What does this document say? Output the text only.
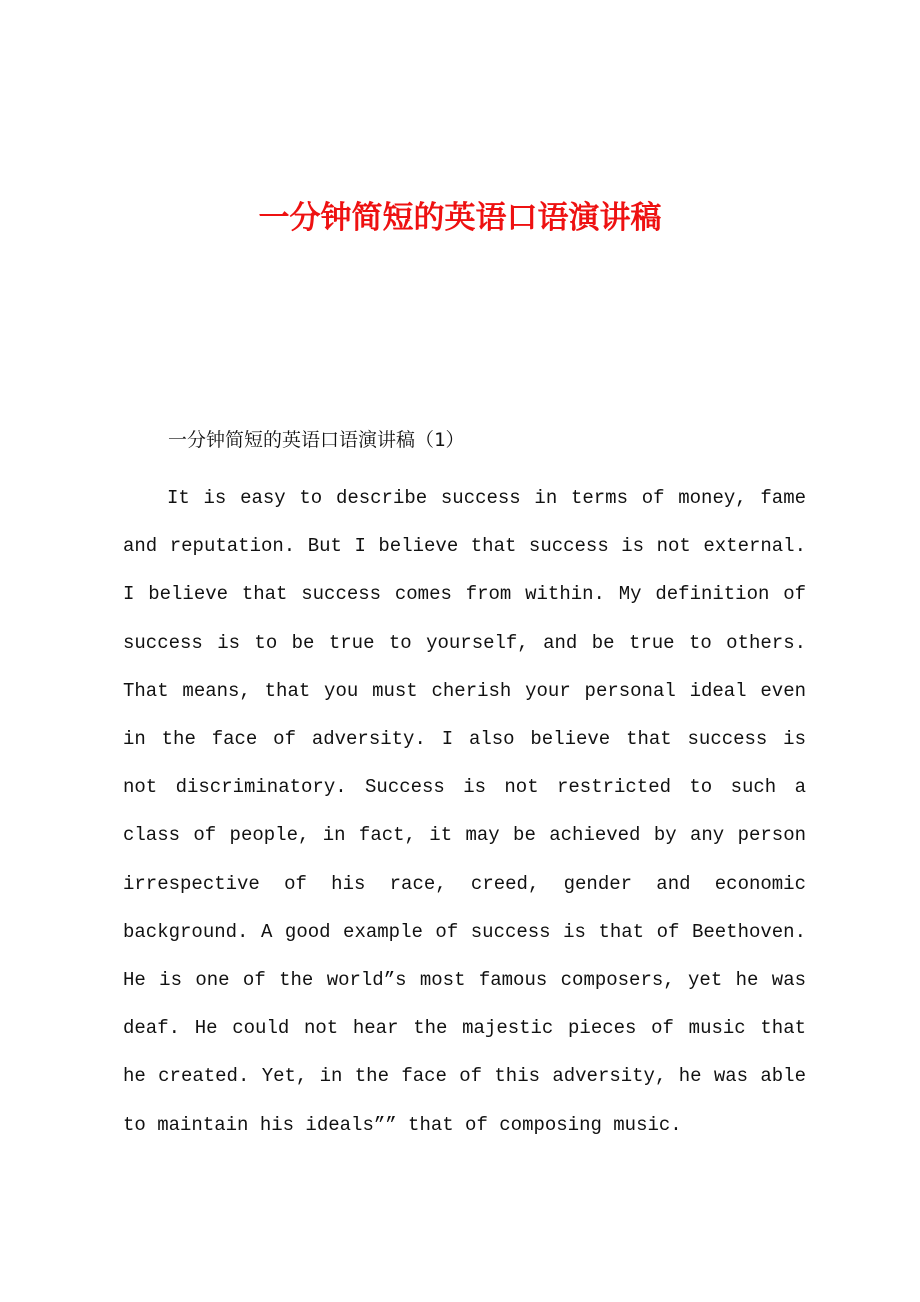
一分钟简短的英语口语演讲稿

一分钟简短的英语口语演讲稿（1）

It is easy to describe success in terms of money, fame and reputation. But I believe that success is not external. I believe that success comes from within. My definition of success is to be true to yourself, and be true to others. That means, that you must cherish your personal ideal even in the face of adversity. I also believe that success is not discriminatory. Success is not restricted to such a class of people, in fact, it may be achieved by any person irrespective of his race, creed, gender and economic background. A good example of success is that of Beethoven. He is one of the world”s most famous composers, yet he was deaf. He could not hear the majestic pieces of music that he created. Yet, in the face of this adversity, he was able to maintain his ideals”” that of composing music.
